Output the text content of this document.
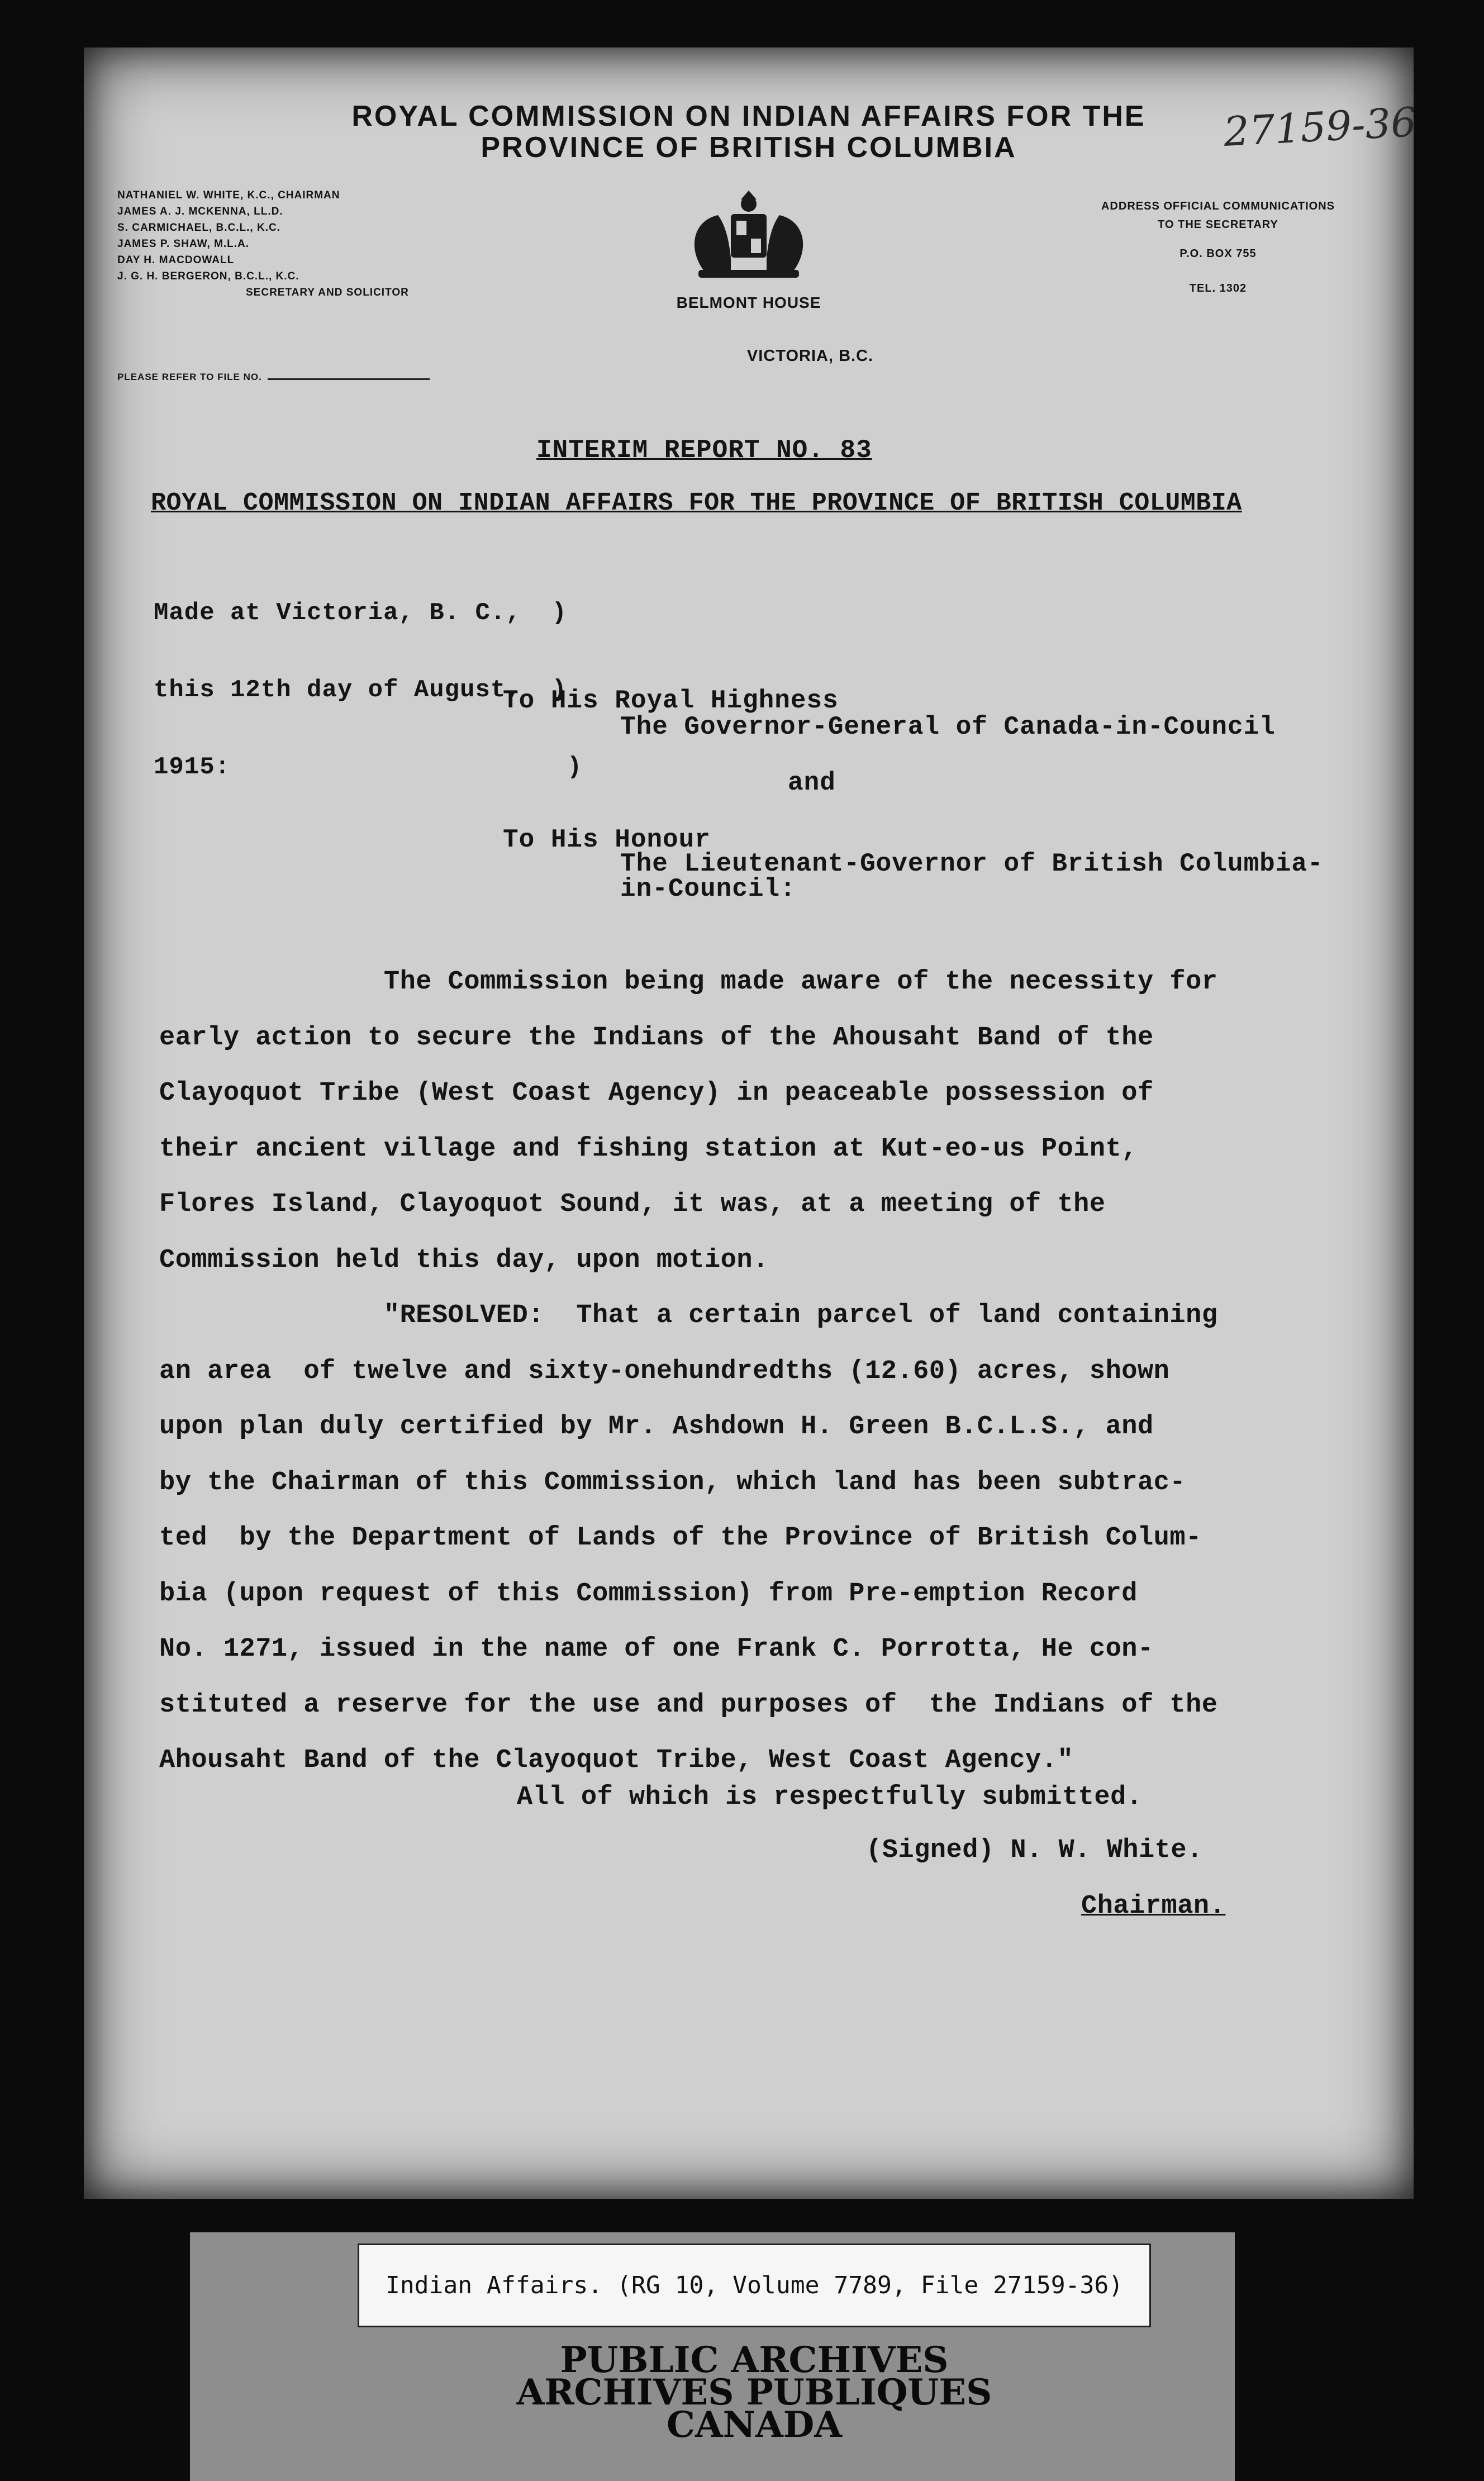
ROYAL COMMISSION ON INDIAN AFFAIRS FOR THE
PROVINCE OF BRITISH COLUMBIA
NATHANIEL W. WHITE, K.C., CHAIRMAN
JAMES A. J. MCKENNA, LL.D.
S. CARMICHAEL, B.C.L., K.C.
JAMES P. SHAW, M.L.A.
DAY H. MACDOWALL
J. G. H. BERGERON, B.C.L., K.C.
SECRETARY AND SOLICITOR
ADDRESS OFFICIAL COMMUNICATIONS
TO THE SECRETARY
P.O. BOX 755
TEL. 1302
BELMONT HOUSE
VICTORIA, B.C.
PLEASE REFER TO FILE NO.
27159-36
INTERIM REPORT NO. 83
ROYAL COMMISSION ON INDIAN AFFAIRS FOR THE PROVINCE OF BRITISH COLUMBIA

Made at Victoria, B. C.,  )

this 12th day of August,  )

1915:                      )

To His Royal Highness
The Governor-General of Canada-in-Council
and
To His Honour
The Lieutenant-Governor of British Columbia-
in-Council:
The Commission being made aware of the necessity for
early action to secure the Indians of the Ahousaht Band of the
Clayoquot Tribe (West Coast Agency) in peaceable possession of
their ancient village and fishing station at Kut-eo-us Point,
Flores Island, Clayoquot Sound, it was, at a meeting of the
Commission held this day, upon motion.
"RESOLVED:  That a certain parcel of land containing
an area  of twelve and sixty-onehundredths (12.60) acres, shown
upon plan duly certified by Mr. Ashdown H. Green B.C.L.S., and
by the Chairman of this Commission, which land has been subtrac-
ted  by the Department of Lands of the Province of British Colum-
bia (upon request of this Commission) from Pre-emption Record
No. 1271, issued in the name of one Frank C. Porrotta, He con-
stituted a reserve for the use and purposes of  the Indians of the
Ahousaht Band of the Clayoquot Tribe, West Coast Agency."
All of which is respectfully submitted.
(Signed) N. W. White.
Chairman.
Indian Affairs. (RG 10, Volume 7789, File 27159-36)
PUBLIC ARCHIVES
ARCHIVES PUBLIQUES
CANADA
